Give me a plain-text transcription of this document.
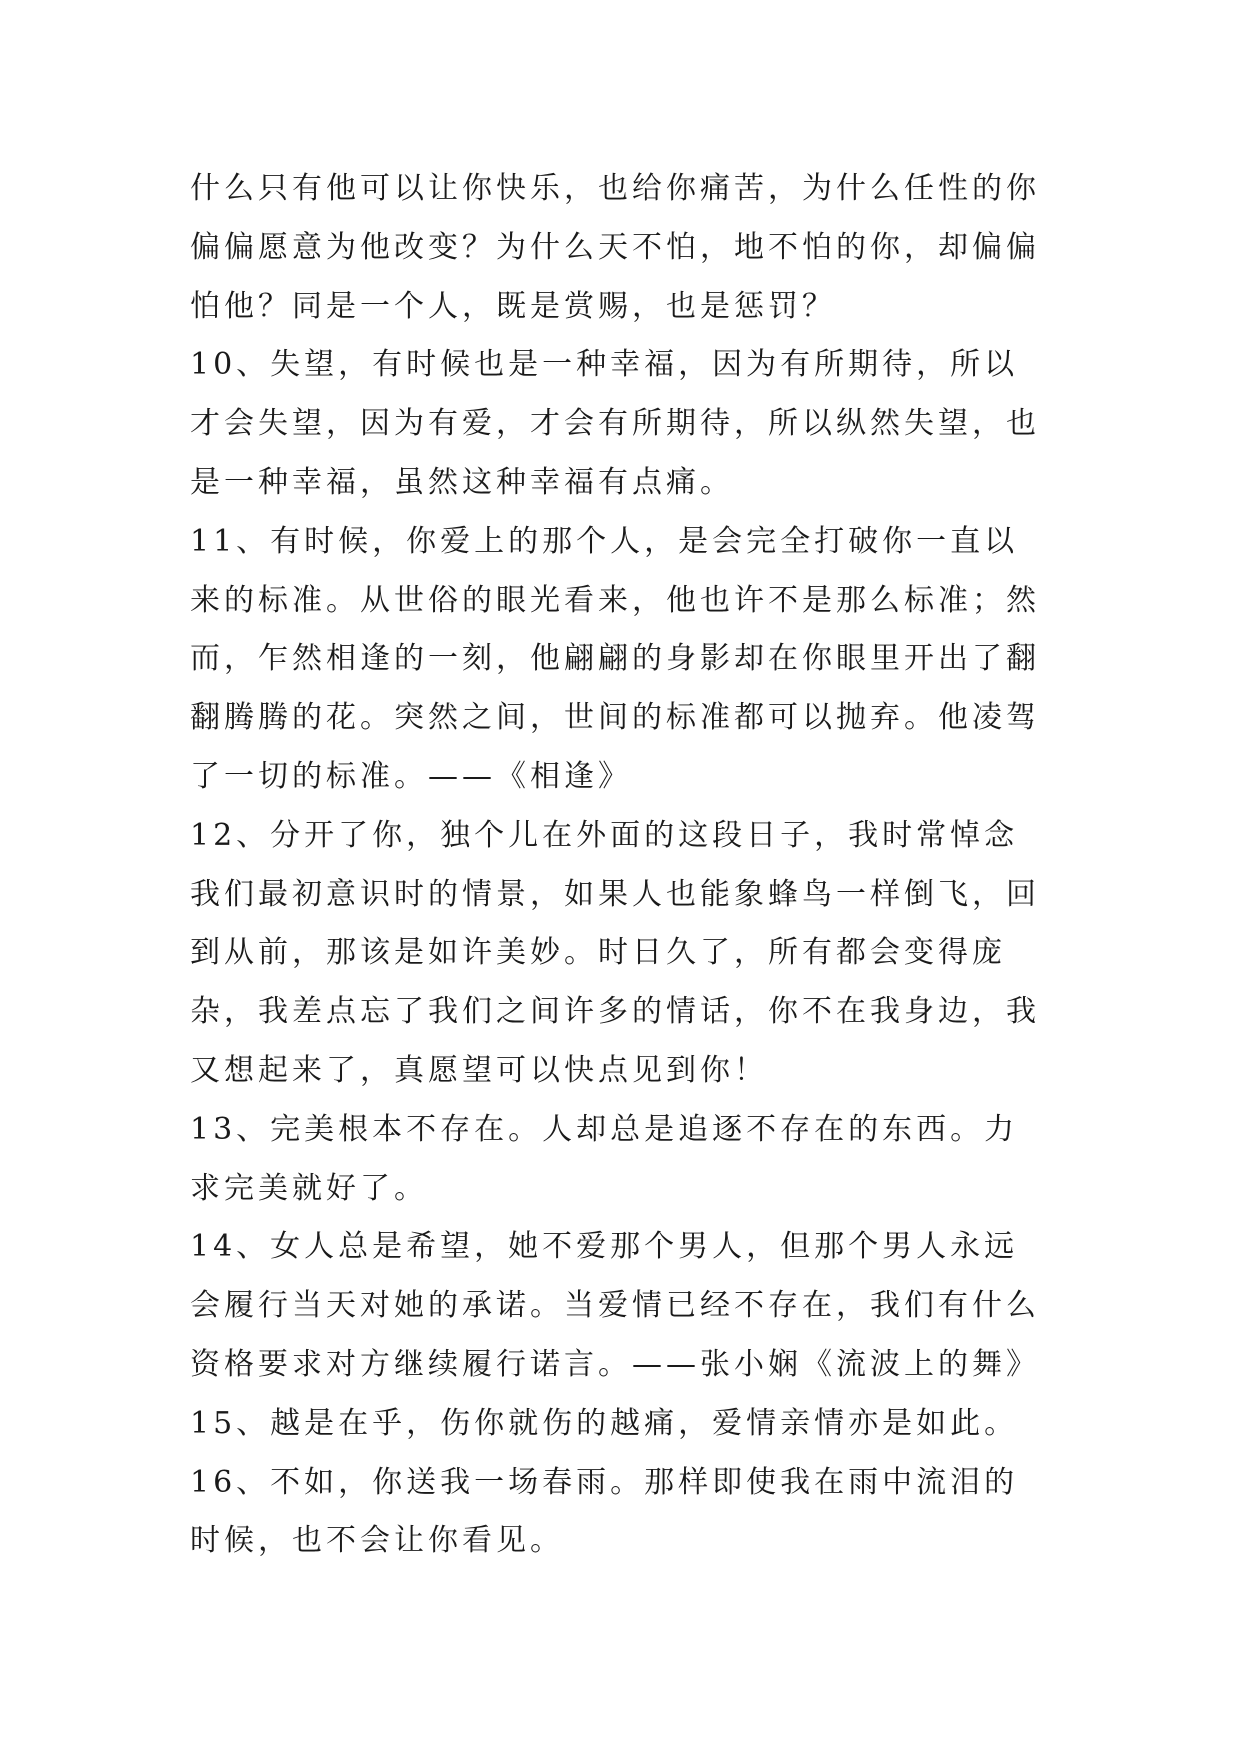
什么只有他可以让你快乐，也给你痛苦，为什么任性的你偏偏愿意为他改变？为什么天不怕，地不怕的你，却偏偏怕他？同是一个人，既是赏赐，也是惩罚？

10、失望，有时候也是一种幸福，因为有所期待，所以才会失望，因为有爱，才会有所期待，所以纵然失望，也是一种幸福，虽然这种幸福有点痛。

11、有时候，你爱上的那个人，是会完全打破你一直以来的标准。从世俗的眼光看来，他也许不是那么标准；然而，乍然相逢的一刻，他翩翩的身影却在你眼里开出了翻翻腾腾的花。突然之间，世间的标准都可以抛弃。他凌驾了一切的标准。——《相逢》

12、分开了你，独个儿在外面的这段日子，我时常悼念我们最初意识时的情景，如果人也能象蜂鸟一样倒飞，回到从前，那该是如许美妙。时日久了，所有都会变得庞杂，我差点忘了我们之间许多的情话，你不在我身边，我又想起来了，真愿望可以快点见到你！

13、完美根本不存在。人却总是追逐不存在的东西。力求完美就好了。

14、女人总是希望，她不爱那个男人，但那个男人永远会履行当天对她的承诺。当爱情已经不存在，我们有什么资格要求对方继续履行诺言。——张小娴《流波上的舞》

15、越是在乎，伤你就伤的越痛，爱情亲情亦是如此。

16、不如，你送我一场春雨。那样即使我在雨中流泪的时候，也不会让你看见。
